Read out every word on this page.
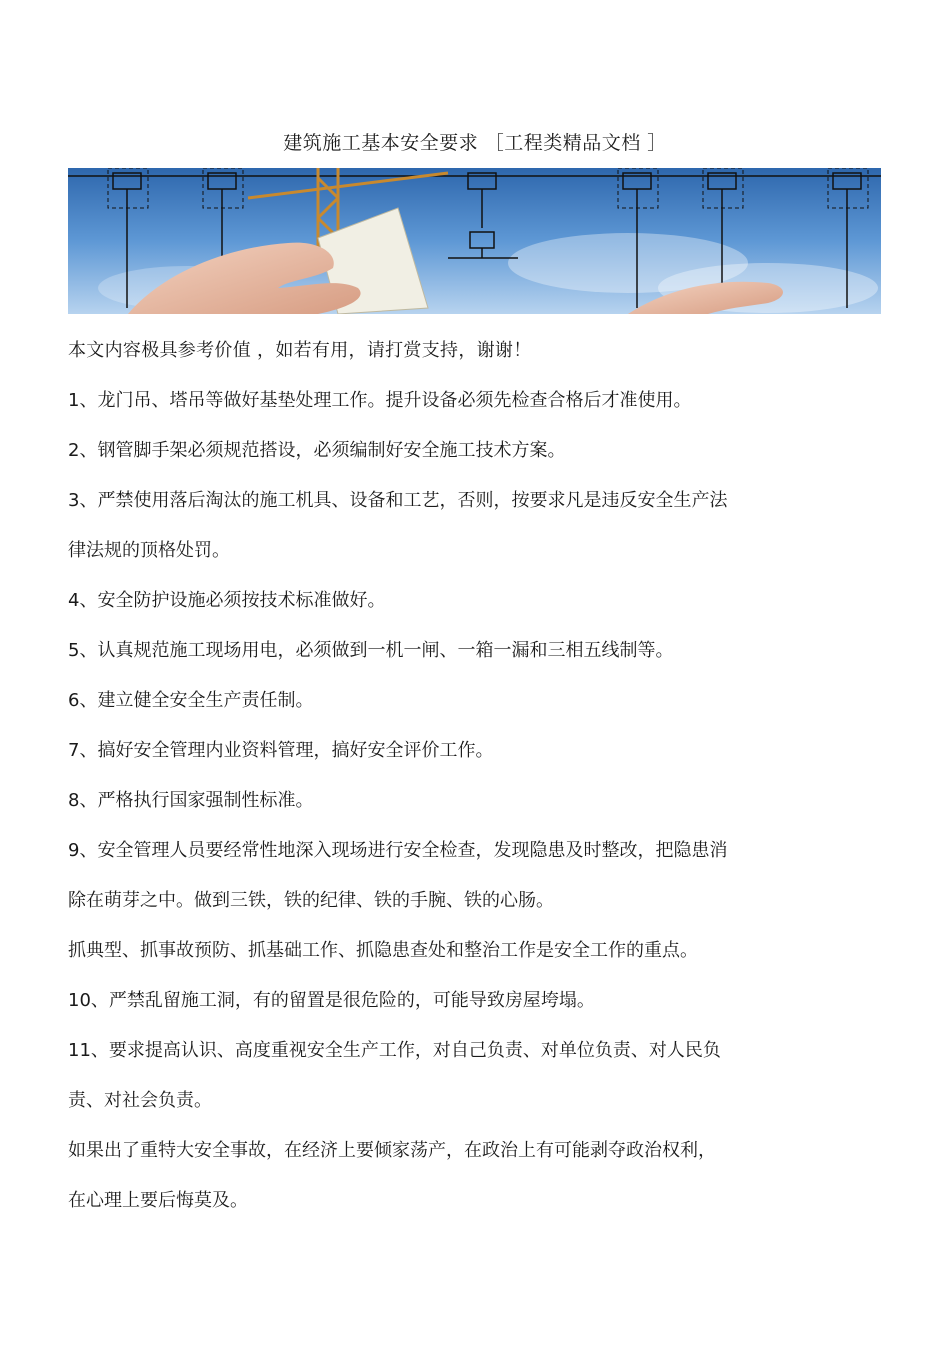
建筑施工基本安全要求 ［工程类精品文档 ］

本文内容极具参考价值 ，如若有用，请打赏支持，谢谢！

1、龙门吊、塔吊等做好基垫处理工作。提升设备必须先检查合格后才准使用。

2、钢管脚手架必须规范搭设，必须编制好安全施工技术方案。

3、严禁使用落后淘汰的施工机具、设备和工艺，否则，按要求凡是违反安全生产法

律法规的顶格处罚。

4、安全防护设施必须按技术标准做好。

5、认真规范施工现场用电，必须做到一机一闸、一箱一漏和三相五线制等。

6、建立健全安全生产责任制。

7、搞好安全管理内业资料管理，搞好安全评价工作。

8、严格执行国家强制性标准。

9、安全管理人员要经常性地深入现场进行安全检查，发现隐患及时整改，把隐患消

除在萌芽之中。做到三铁，铁的纪律、铁的手腕、铁的心肠。

抓典型、抓事故预防、抓基础工作、抓隐患查处和整治工作是安全工作的重点。

10、严禁乱留施工洞，有的留置是很危险的，可能导致房屋垮塌。

11、要求提高认识、高度重视安全生产工作，对自己负责、对单位负责、对人民负

责、对社会负责。

如果出了重特大安全事故，在经济上要倾家荡产，在政治上有可能剥夺政治权利，

在心理上要后悔莫及。
